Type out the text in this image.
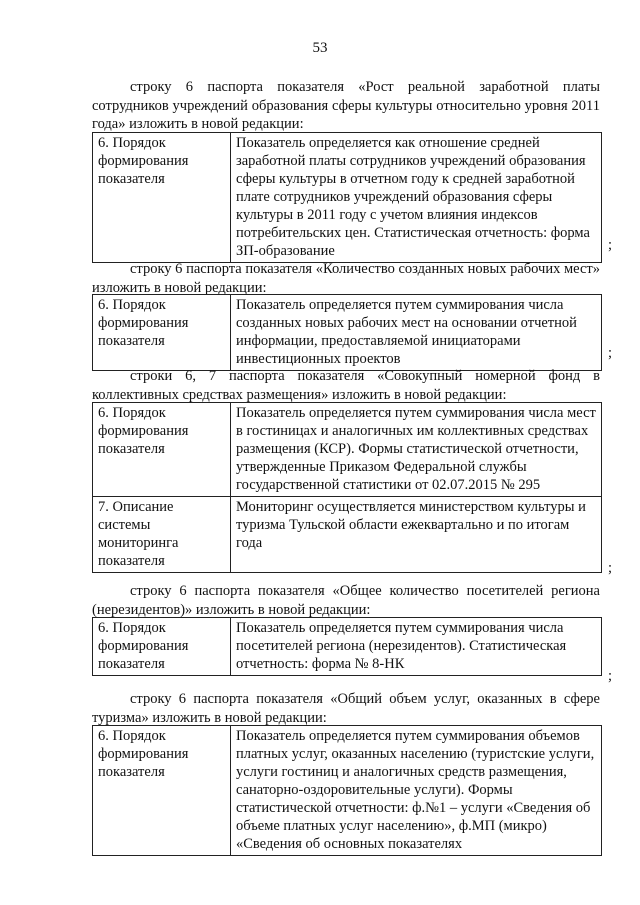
53
строку 6 паспорта показателя «Рост реальной заработной платы сотрудников учреждений образования сферы культуры относительно уровня 2011 года» изложить в новой редакции:
6. Порядок формирования показателя	Показатель определяется как отношение средней заработной платы сотрудников учреждений образования сферы культуры в отчетном году к средней заработной плате сотрудников учреждений образования сферы культуры в 2011 году с учетом влияния индексов потребительских цен. Статистическая отчетность: форма ЗП-образование	;
строку 6 паспорта показателя «Количество созданных новых рабочих мест» изложить в новой редакции:
6. Порядок формирования показателя	Показатель определяется путем суммирования числа созданных новых рабочих мест на основании отчетной информации, предоставляемой инициаторами инвестиционных проектов	;
строки 6, 7 паспорта показателя «Совокупный номерной фонд в коллективных средствах размещения» изложить в новой редакции:
6. Порядок формирования показателя	Показатель определяется путем суммирования числа мест в гостиницах и аналогичных им коллективных средствах размещения (КСР). Формы статистической отчетности, утвержденные Приказом Федеральной службы государственной статистики от 02.07.2015 № 295
7. Описание системы мониторинга показателя	Мониторинг осуществляется министерством культуры и туризма Тульской области ежеквартально и по итогам года
;
строку 6 паспорта показателя «Общее количество посетителей региона (нерезидентов)» изложить в новой редакции:
6. Порядок формирования показателя	Показатель определяется путем суммирования числа посетителей региона (нерезидентов). Статистическая отчетность: форма № 8-НК
;
строку 6 паспорта показателя «Общий объем услуг, оказанных в сфере туризма» изложить в новой редакции:
6. Порядок формирования показателя	Показатель определяется путем суммирования объемов платных услуг, оказанных населению (туристские услуги, услуги гостиниц и аналогичных средств размещения, санаторно-оздоровительные услуги). Формы статистической отчетности: ф.№1 – услуги «Сведения об объеме платных услуг населению», ф.МП (микро) «Сведения об основных показателях
